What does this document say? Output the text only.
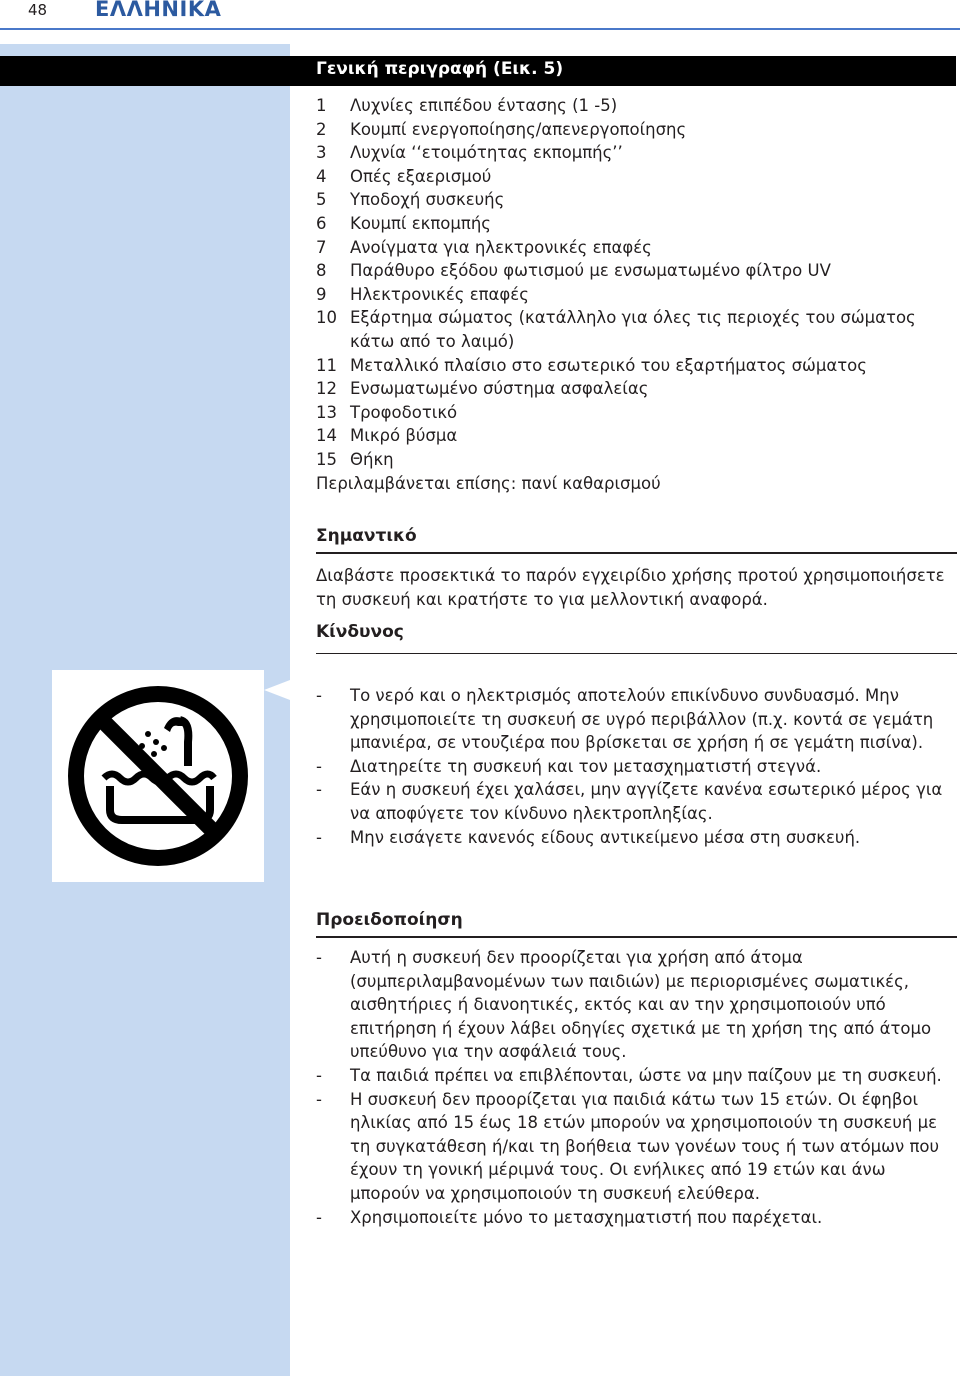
48 ΕΛΛΗΝΙΚΑ
Γενική περιγραφή (Εικ. 5)
1 Λυχνίες επιπέδου έντασης (1 -5)
2 Κουμπί ενεργοποίησης/απενεργοποίησης
3 Λυχνία ‘‘ετοιμότητας εκπομπής’’
4 Οπές εξαερισμού
5 Υποδοχή συσκευής
6 Κουμπί εκπομπής
7 Ανοίγματα για ηλεκτρονικές επαφές
8 Παράθυρο εξόδου φωτισμού με ενσωματωμένο φίλτρο UV
9 Ηλεκτρονικές επαφές
10 Εξάρτημα σώματος (κατάλληλο για όλες τις περιοχές του σώματος κάτω από το λαιμό)
11 Μεταλλικό πλαίσιο στο εσωτερικό του εξαρτήματος σώματος
12 Ενσωματωμένο σύστημα ασφαλείας
13 Τροφοδοτικό
14 Μικρό βύσμα
15 Θήκη

Περιλαμβάνεται επίσης: πανί καθαρισμού

Σημαντικό
Διαβάστε προσεκτικά το παρόν εγχειρίδιο χρήσης προτού χρησιμοποιήσετε τη συσκευή και κρατήστε το για μελλοντική αναφορά.
Κίνδυνος
- Το νερό και ο ηλεκτρισμός αποτελούν επικίνδυνο συνδυασμό. Μην χρησιμοποιείτε τη συσκευή σε υγρό περιβάλλον (π.χ. κοντά σε γεμάτη μπανιέρα, σε ντουζιέρα που βρίσκεται σε χρήση ή σε γεμάτη πισίνα).
- Διατηρείτε τη συσκευή και τον μετασχηματιστή στεγνά.
- Εάν η συσκευή έχει χαλάσει, μην αγγίζετε κανένα εσωτερικό μέρος για να αποφύγετε τον κίνδυνο ηλεκτροπληξίας.
- Μην εισάγετε κανενός είδους αντικείμενο μέσα στη συσκευή.
Προειδοποίηση
- Αυτή η συσκευή δεν προορίζεται για χρήση από άτομα (συμπεριλαμβανομένων των παιδιών) με περιορισμένες σωματικές, αισθητήριες ή διανοητικές, εκτός και αν την χρησιμοποιούν υπό επιτήρηση ή έχουν λάβει οδηγίες σχετικά με τη χρήση της από άτομο υπεύθυνο για την ασφάλειά τους.
- Τα παιδιά πρέπει να επιβλέπονται, ώστε να μην παίζουν με τη συσκευή.
- Η συσκευή δεν προορίζεται για παιδιά κάτω των 15 ετών. Οι έφηβοι ηλικίας από 15 έως 18 ετών μπορούν να χρησιμοποιούν τη συσκευή με τη συγκατάθεση ή/και τη βοήθεια των γονέων τους ή των ατόμων που έχουν τη γονική μέριμνά τους. Οι ενήλικες από 19 ετών και άνω μπορούν να χρησιμοποιούν τη συσκευή ελεύθερα.
- Χρησιμοποιείτε μόνο το μετασχηματιστή που παρέχεται.
